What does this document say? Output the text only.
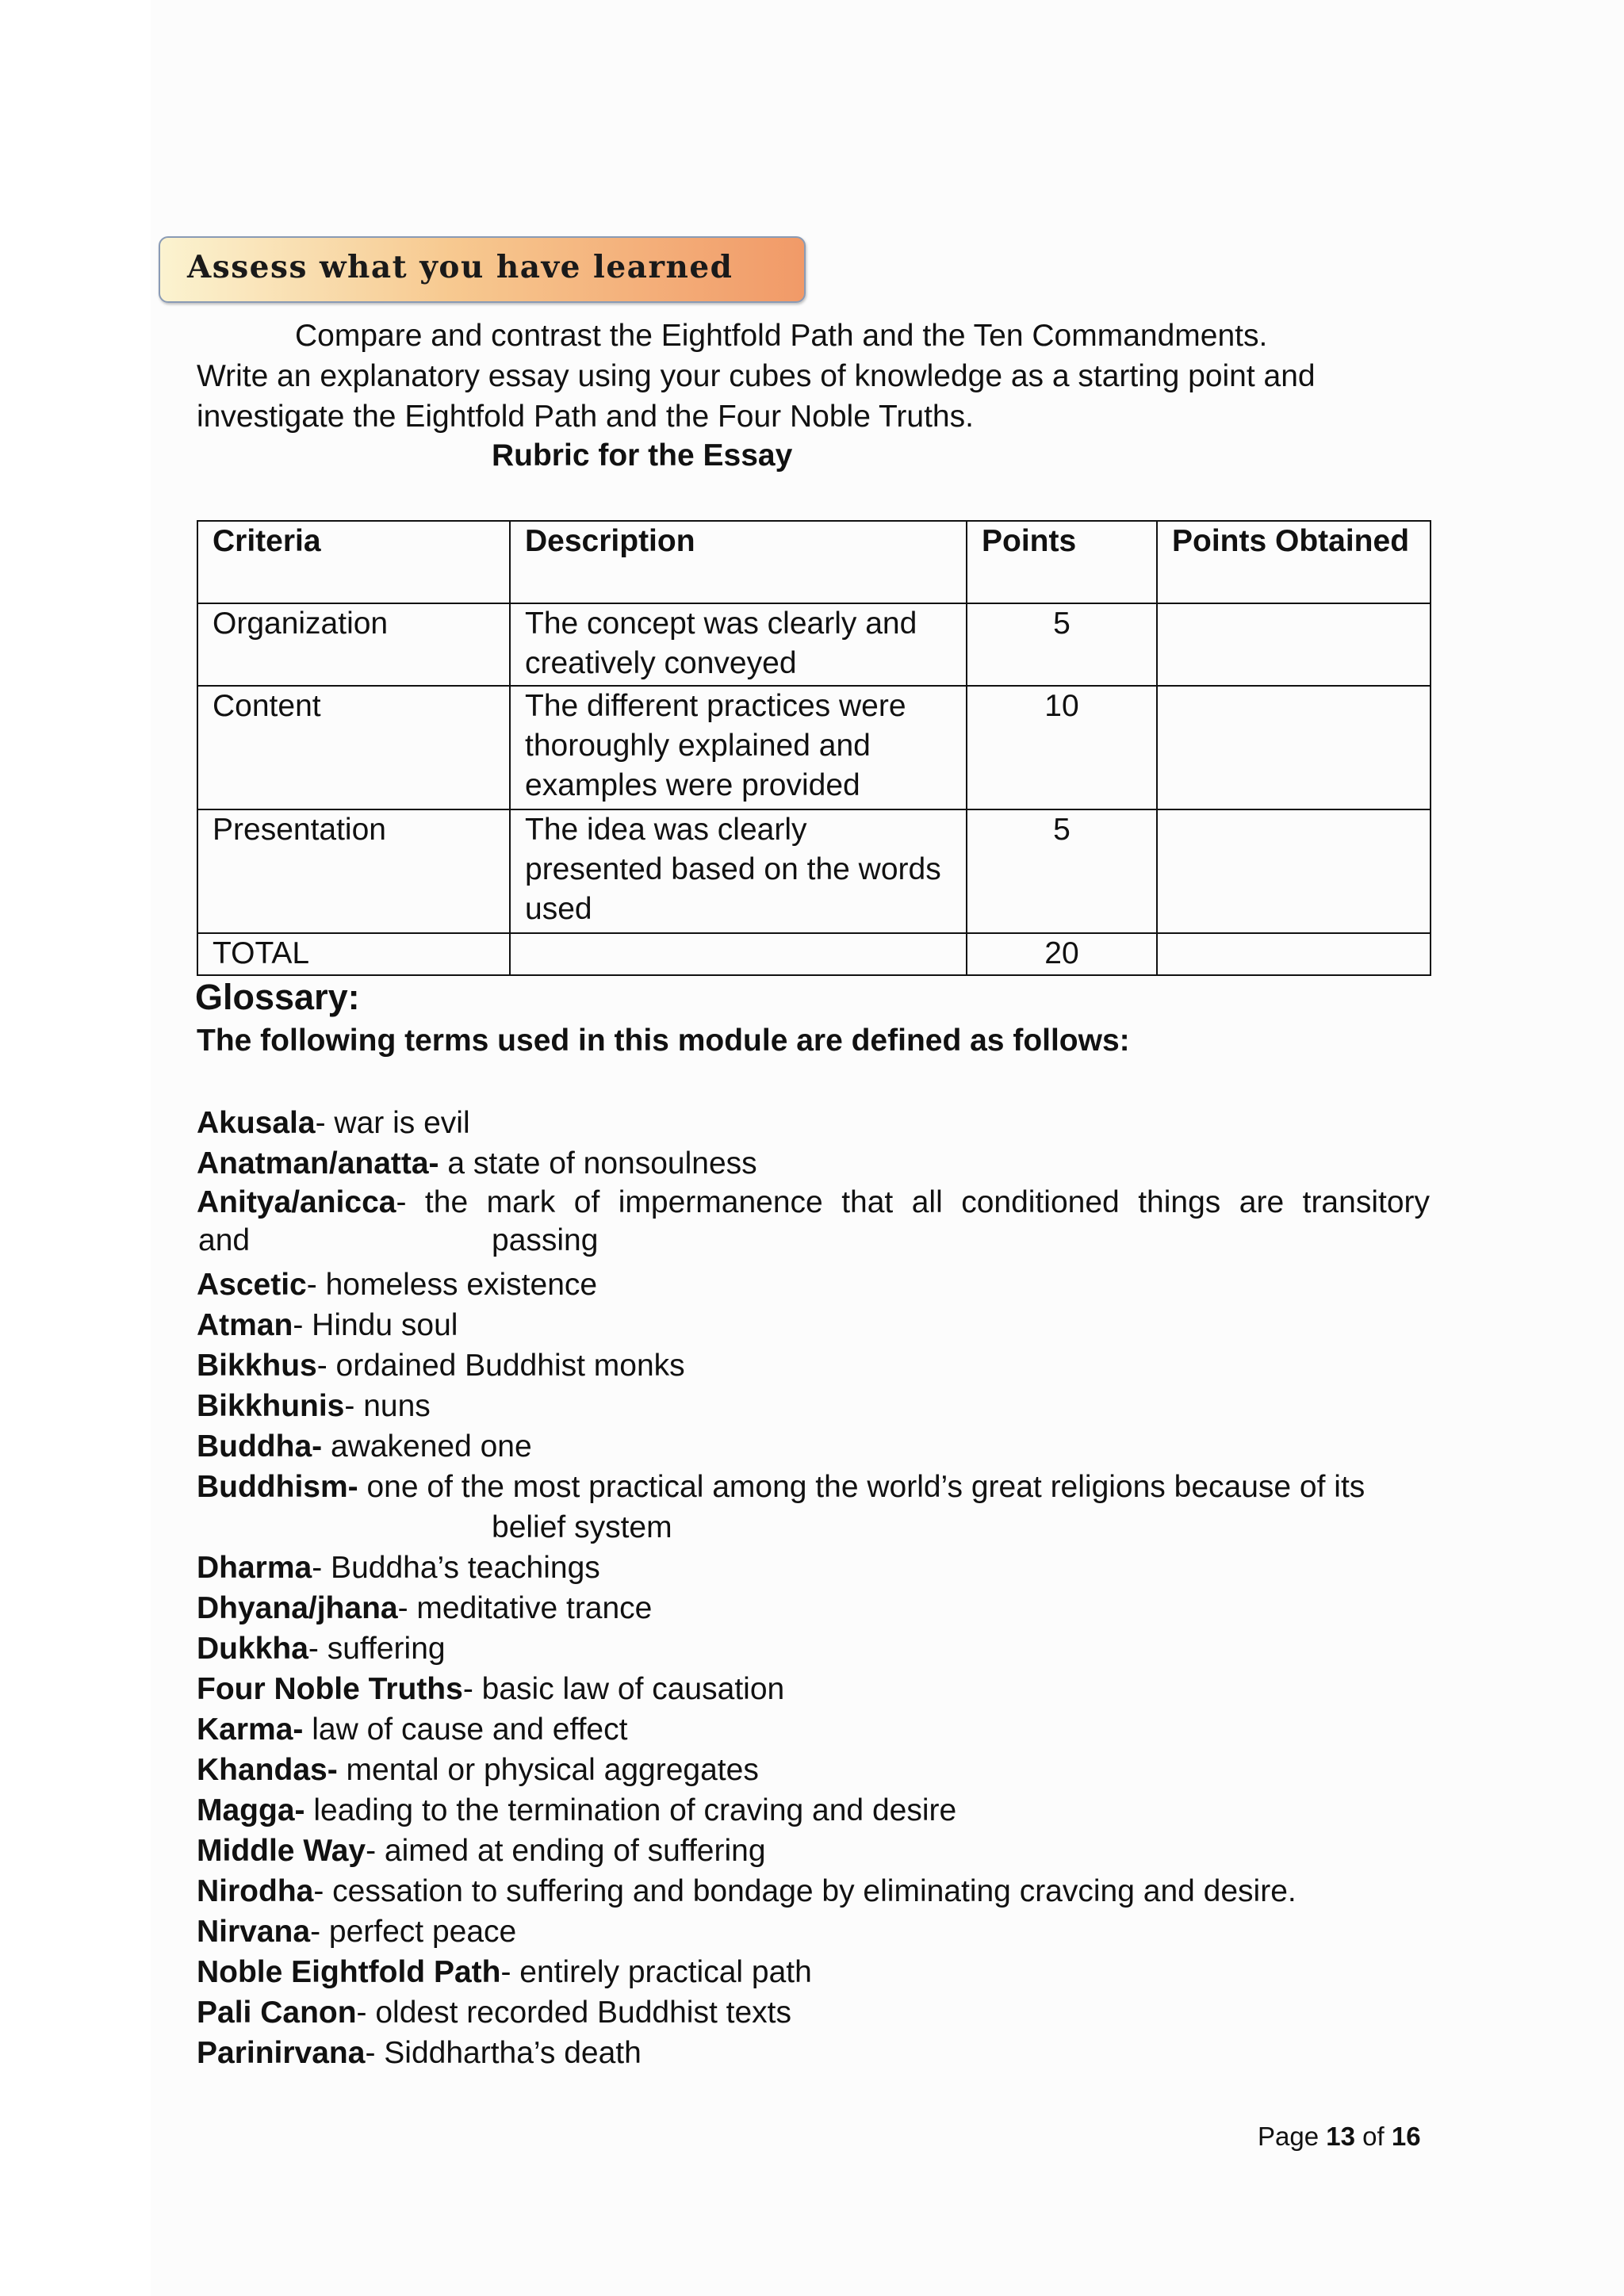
Assess what you have learned
Compare and contrast the Eightfold Path and the Ten Commandments.
Write an explanatory essay using your cubes of knowledge as a starting point and
investigate the Eightfold Path and the Four Noble Truths.
Rubric for the Essay
Criteria	Description	Points	Points Obtained
Organization	The concept was clearly and creatively conveyed	5	
Content	The different practices were thoroughly explained and examples were provided	10	
Presentation	The idea was clearly presented based on the words used	5	
TOTAL		20	
Glossary:
The following terms used in this module are defined as follows:
Akusala- war is evil
Anatman/anatta- a state of nonsoulness
Anitya/anicca- the mark of impermanence that all conditioned things are transitory
and	passing
Ascetic- homeless existence
Atman- Hindu soul
Bikkhus- ordained Buddhist monks
Bikkhunis- nuns
Buddha- awakened one
Buddhism- one of the most practical among the world’s great religions because of its
belief system
Dharma- Buddha’s teachings
Dhyana/jhana- meditative trance
Dukkha- suffering
Four Noble Truths- basic law of causation
Karma- law of cause and effect
Khandas- mental or physical aggregates
Magga- leading to the termination of craving and desire
Middle Way- aimed at ending of suffering
Nirodha- cessation to suffering and bondage by eliminating cravcing and desire.
Nirvana- perfect peace
Noble Eightfold Path- entirely practical path
Pali Canon- oldest recorded Buddhist texts
Parinirvana- Siddhartha’s death
Page 13 of 16
